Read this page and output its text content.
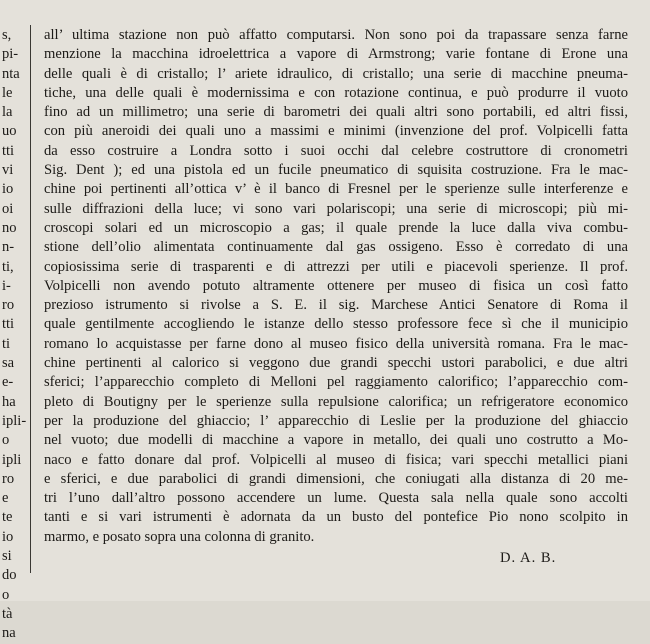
s,
pi-
nta
le
la
uo
tti
vi
io
oi
no
n-
ti,
i-
ro
tti
ti
sa
e-
ha
ipli-
o
ipli
ro
e
te
io
si
do
o
tà
na
all’ ultima stazione non può affatto computarsi. Non sono poi da trapassare senza farne
menzione la macchina idroelettrica a vapore di Armstrong; varie fontane di Erone una
delle quali è di cristallo; l’ ariete idraulico, di cristallo; una serie di macchine pneuma-
tiche, una delle quali è modernissima e con rotazione continua, e può produrre il vuoto
fino ad un millimetro; una serie di barometri dei quali altri sono portabili, ed altri fissi,
con più aneroidi dei quali uno a massimi e minimi (invenzione del prof. Volpicelli fatta
da esso costruire a Londra sotto i suoi occhi dal celebre costruttore di cronometri
Sig. Dent ); ed una pistola ed un fucile pneumatico di squisita costruzione. Fra le mac-
chine poi pertinenti all’ottica v’ è il banco di Fresnel per le sperienze sulle interferenze e
sulle diffrazioni della luce; vi sono vari polariscopi; una serie di microscopi; più mi-
croscopi solari ed un microscopio a gas; il quale prende la luce dalla viva combu-
stione dell’olio alimentata continuamente dal gas ossigeno. Esso è corredato di una
copiosissima serie di trasparenti e di attrezzi per utili e piacevoli sperienze. Il prof.
Volpicelli non avendo potuto altramente ottenere per museo di fisica un così fatto
prezioso istrumento si rivolse a S. E. il sig. Marchese Antici Senatore di Roma il
quale gentilmente accogliendo le istanze dello stesso professore fece sì che il municipio
romano lo acquistasse per farne dono al museo fisico della università romana. Fra le mac-
chine pertinenti al calorico si veggono due grandi specchi ustori parabolici, e due altri
sferici; l’apparecchio completo di Melloni pel raggiamento calorifico; l’apparecchio com-
pleto di Boutigny per le sperienze sulla repulsione calorifica; un refrigeratore economico
per la produzione del ghiaccio; l’ apparecchio di Leslie per la produzione del ghiaccio
nel vuoto; due modelli di macchine a vapore in metallo, dei quali uno costrutto a Mo-
naco e fatto donare dal prof. Volpicelli al museo di fisica; vari specchi metallici piani
e sferici, e due parabolici di grandi dimensioni, che coniugati alla distanza di 20 me-
tri l’uno dall’altro possono accendere un lume. Questa sala nella quale sono accolti
tanti e si vari istrumenti è adornata da un busto del pontefice Pio nono scolpito in
marmo, e posato sopra una colonna di granito.
D. A. B.
